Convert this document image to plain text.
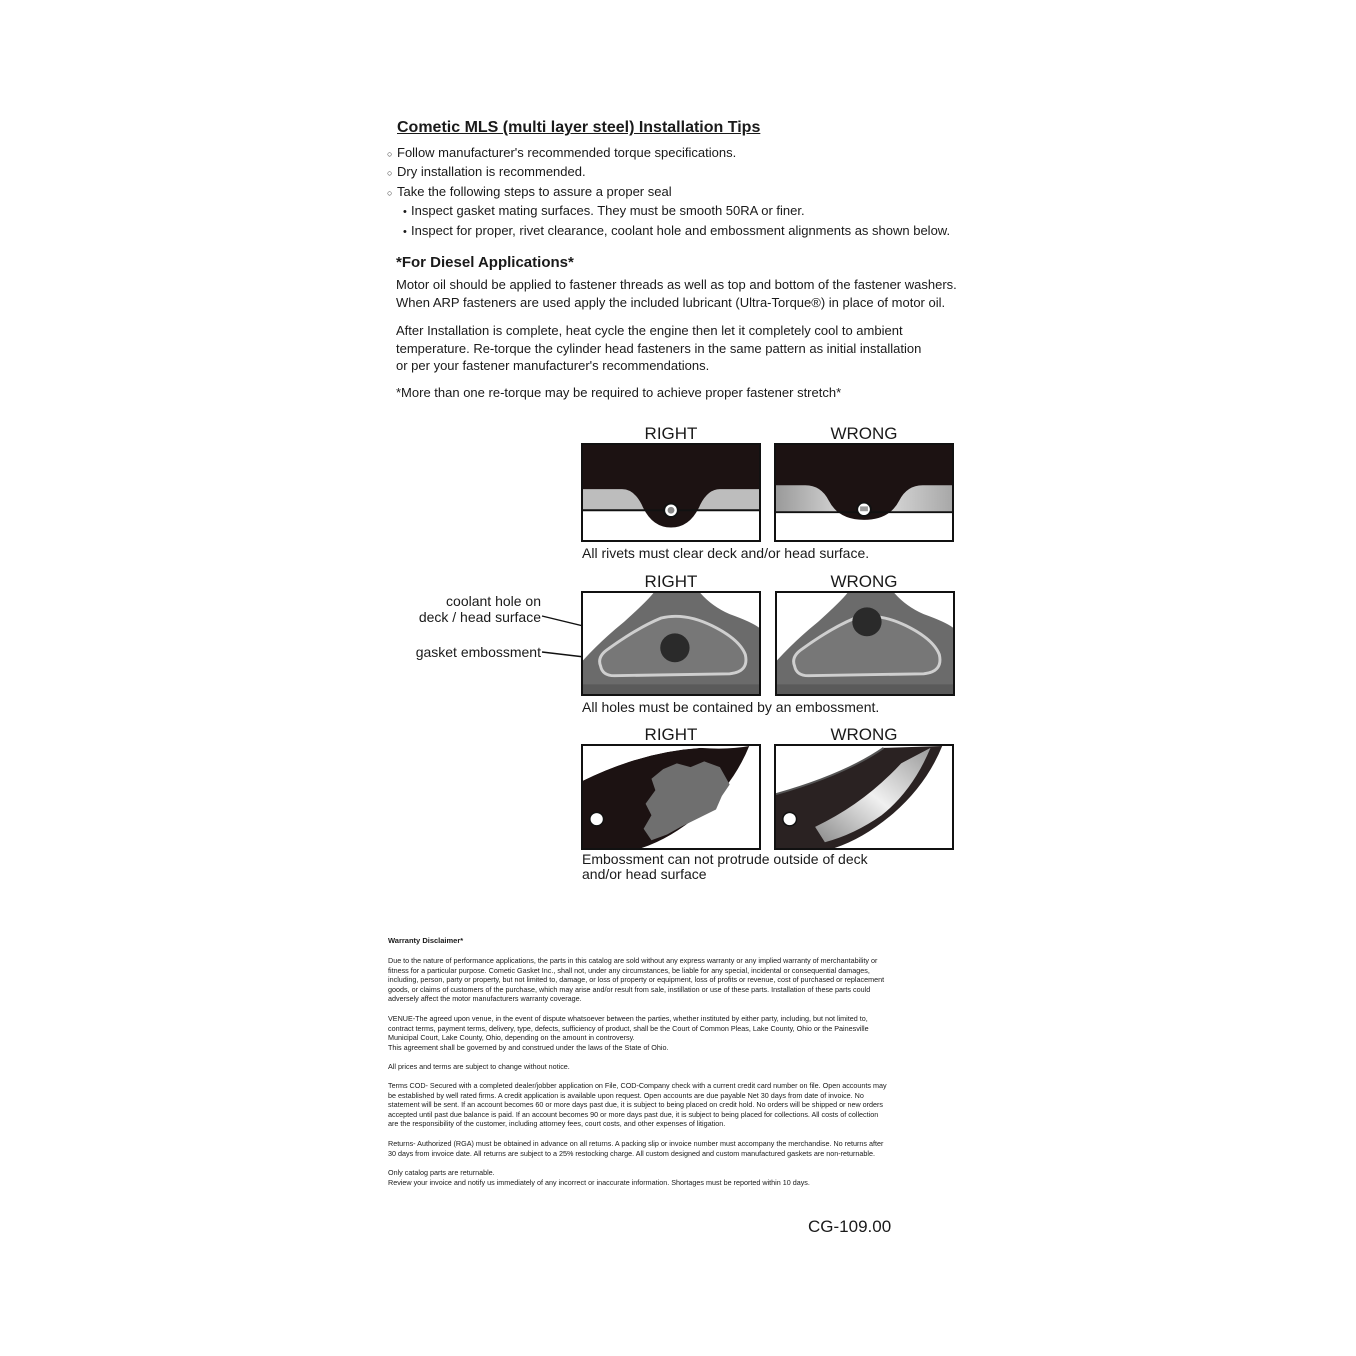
Cometic MLS (multi layer steel) Installation Tips
○ Follow manufacturer's recommended torque specifications.
○ Dry installation is recommended.
○ Take the following steps to assure a proper seal
• Inspect gasket mating surfaces. They must be smooth 50RA or finer.
• Inspect for proper, rivet clearance, coolant hole and embossment alignments as shown below.
*For Diesel Applications*
Motor oil should be applied to fastener threads as well as top and bottom of the fastener washers.
When ARP fasteners are used apply the included lubricant (Ultra-Torque®) in place of motor oil.
After Installation is complete, heat cycle the engine then let it completely cool to ambient
temperature. Re-torque the cylinder head fasteners in the same pattern as initial installation
or per your fastener manufacturer's recommendations.
*More than one re-torque may be required to achieve proper fastener stretch*
RIGHT	WRONG
All rivets must clear deck and/or head surface.
RIGHT	WRONG
coolant hole on
deck / head surface
gasket embossment
All holes must be contained by an embossment.
RIGHT	WRONG
Embossment can not protrude outside of deck
and/or head surface
Warranty Disclaimer*
Due to the nature of performance applications, the parts in this catalog are sold without any express warranty or any implied warranty of merchantability or
fitness for a particular purpose. Cometic Gasket Inc., shall not, under any circumstances, be liable for any special, incidental or consequential damages,
including, person, party or property, but not limited to, damage, or loss of property or equipment, loss of profits or revenue, cost of purchased or replacement
goods, or claims of customers of the purchase, which may arise and/or result from sale, instillation or use of these parts. Installation of these parts could
adversely affect the motor manufacturers warranty coverage.
VENUE-The agreed upon venue, in the event of dispute whatsoever between the parties, whether instituted by either party, including, but not limited to,
contract terms, payment terms, delivery, type, defects, sufficiency of product, shall be the Court of Common Pleas, Lake County, Ohio or the Painesville
Municipal Court, Lake County, Ohio, depending on the amount in controversy.
This agreement shall be governed by and construed under the laws of the State of Ohio.
All prices and terms are subject to change without notice.
Terms COD- Secured with a completed dealer/jobber application on File, COD-Company check with a current credit card number on file. Open accounts may
be established by well rated firms. A credit application is available upon request. Open accounts are due payable Net 30 days from date of invoice. No
statement will be sent. If an account becomes 60 or more days past due, it is subject to being placed on credit hold. No orders will be shipped or new orders
accepted until past due balance is paid. If an account becomes 90 or more days past due, it is subject to being placed for collections. All costs of collection
are the responsibility of the customer, including attorney fees, court costs, and other expenses of litigation.
Returns- Authorized (RGA) must be obtained in advance on all returns. A packing slip or invoice number must accompany the merchandise. No returns after
30 days from invoice date. All returns are subject to a 25% restocking charge. All custom designed and custom manufactured gaskets are non-returnable.
Only catalog parts are returnable.
Review your invoice and notify us immediately of any incorrect or inaccurate information. Shortages must be reported within 10 days.
CG-109.00
